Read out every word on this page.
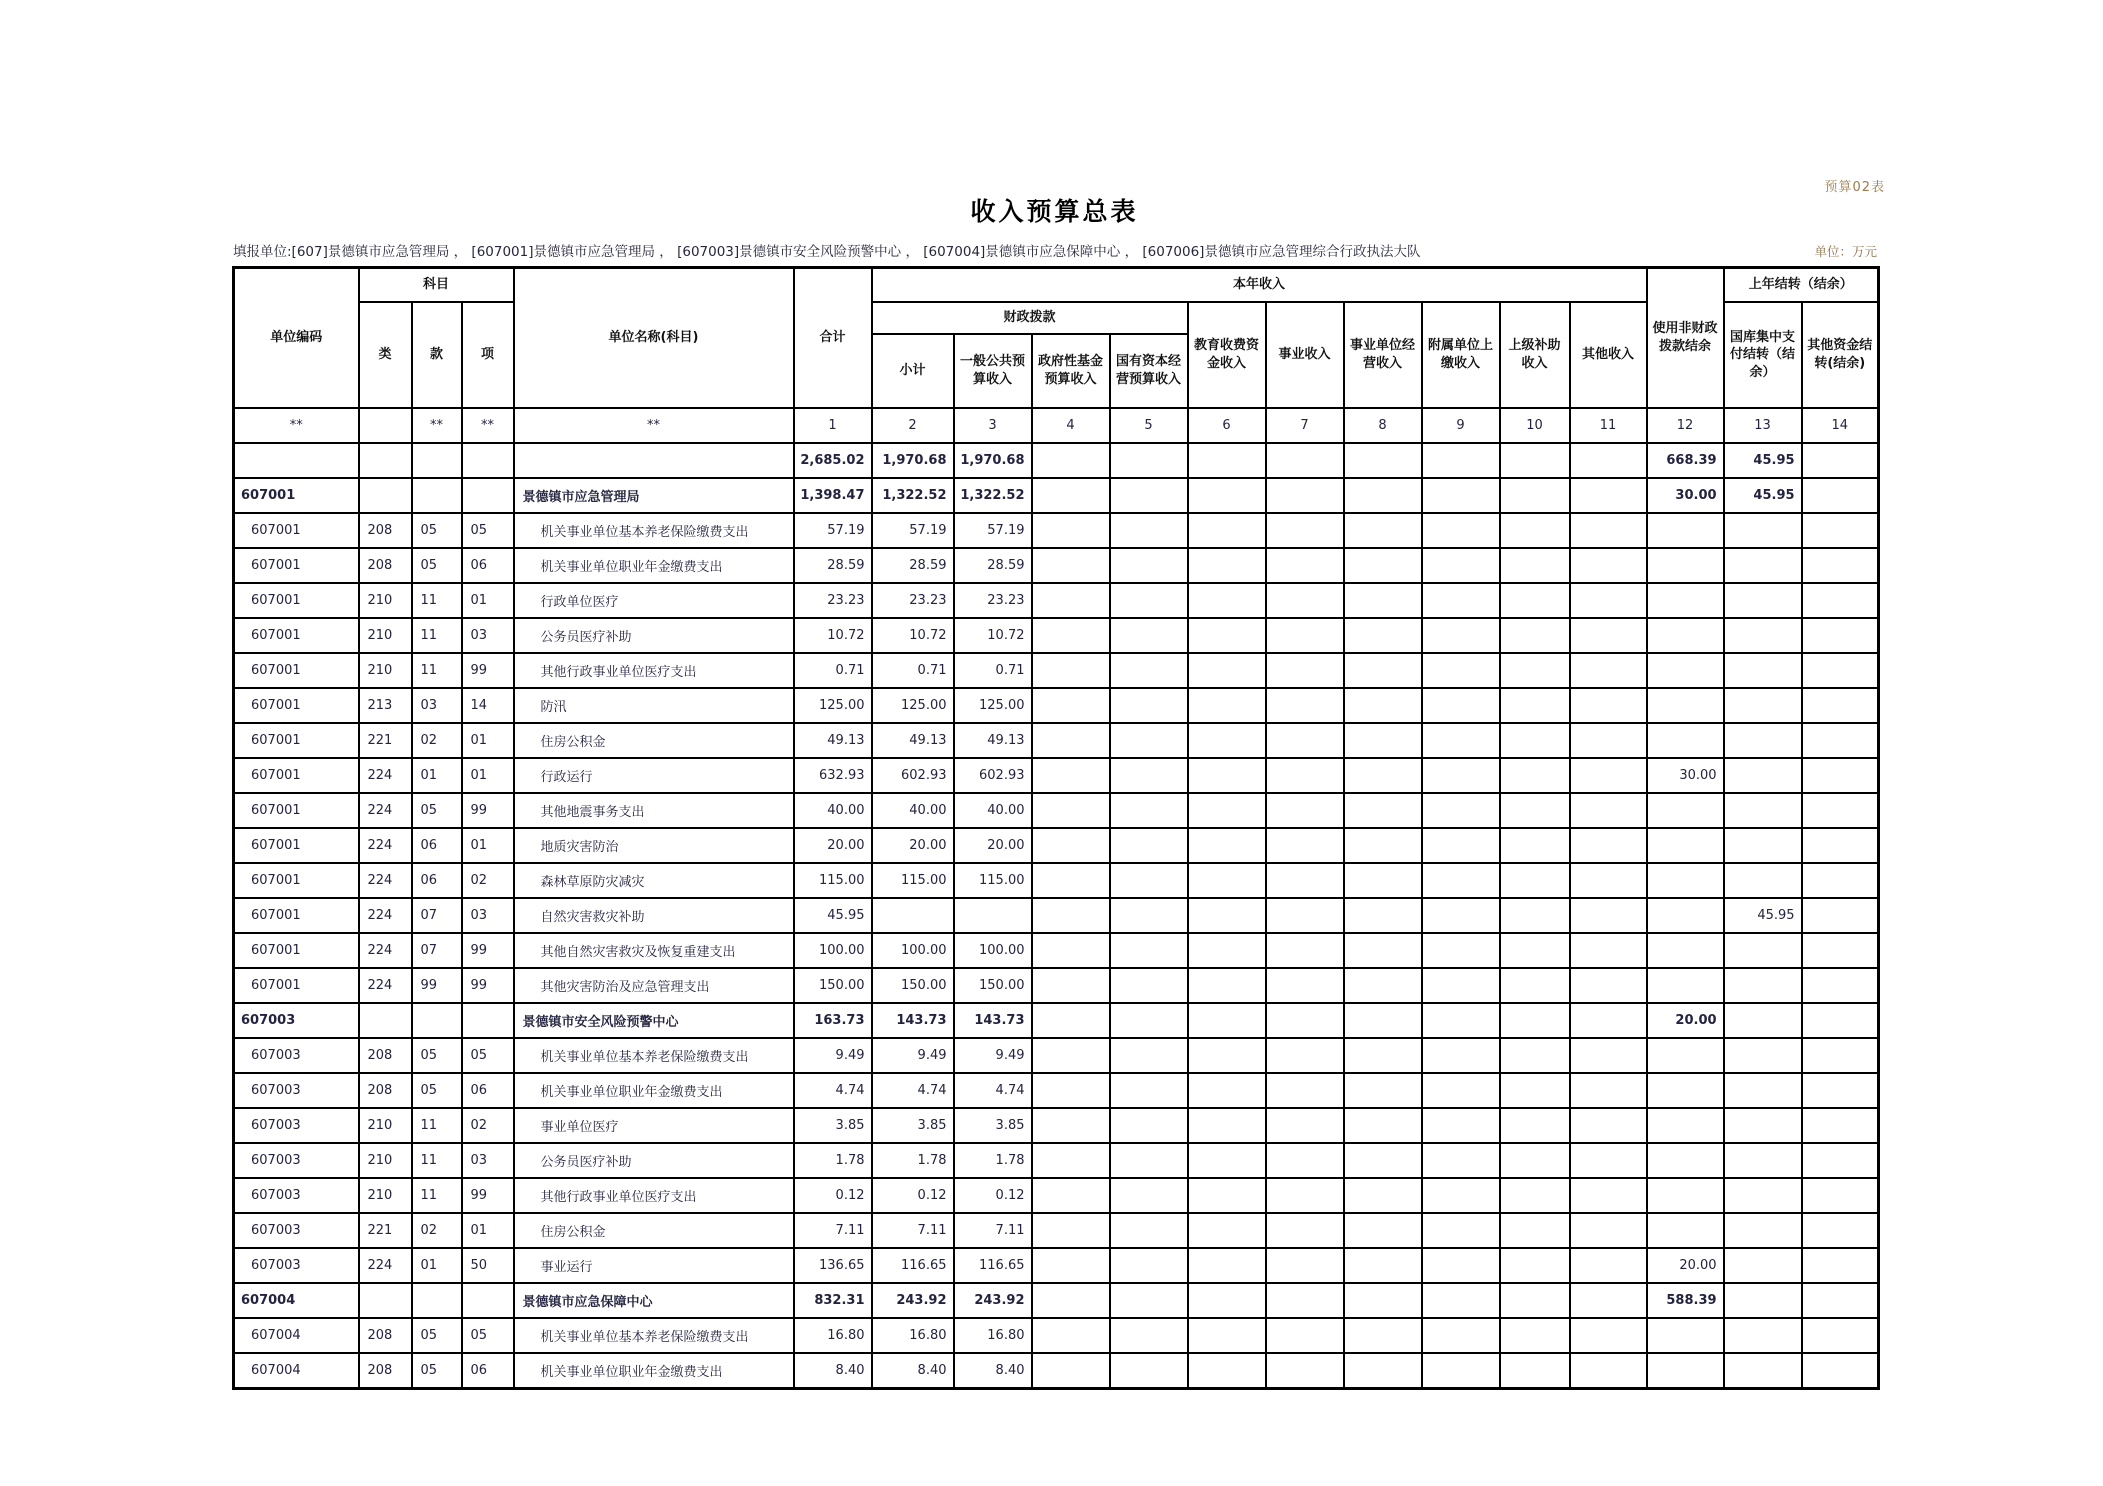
预算02表
收入预算总表
填报单位:[607]景德镇市应急管理局 ， [607001]景德镇市应急管理局 ， [607003]景德镇市安全风险预警中心 ， [607004]景德镇市应急保障中心 ， [607006]景德镇市应急管理综合行政执法大队	单位：万元
单位编码	科目			单位名称(科目)	合计	本年收入										使用非财政拨款结余	上年结转（结余）	
	类	款	项			财政拨款				教育收费资金收入	事业收入	事业单位经营收入	附属单位上缴收入	上级补助收入	其他收入		国库集中支付结转（结余）	其他资金结转(结余)
						小计	一般公共预算收入	政府性基金预算收入	国有资本经营预算收入									
**		**	**	**	1	2	3	4	5	6	7	8	9	10	11	12	13	14
					2,685.02	1,970.68	1,970.68									668.39	45.95	
607001				景德镇市应急管理局	1,398.47	1,322.52	1,322.52									30.00	45.95	
607001	208	05	05	机关事业单位基本养老保险缴费支出	57.19	57.19	57.19											
607001	208	05	06	机关事业单位职业年金缴费支出	28.59	28.59	28.59											
607001	210	11	01	行政单位医疗	23.23	23.23	23.23											
607001	210	11	03	公务员医疗补助	10.72	10.72	10.72											
607001	210	11	99	其他行政事业单位医疗支出	0.71	0.71	0.71											
607001	213	03	14	防汛	125.00	125.00	125.00											
607001	221	02	01	住房公积金	49.13	49.13	49.13											
607001	224	01	01	行政运行	632.93	602.93	602.93									30.00		
607001	224	05	99	其他地震事务支出	40.00	40.00	40.00											
607001	224	06	01	地质灾害防治	20.00	20.00	20.00											
607001	224	06	02	森林草原防灾减灾	115.00	115.00	115.00											
607001	224	07	03	自然灾害救灾补助	45.95												45.95	
607001	224	07	99	其他自然灾害救灾及恢复重建支出	100.00	100.00	100.00											
607001	224	99	99	其他灾害防治及应急管理支出	150.00	150.00	150.00											
607003				景德镇市安全风险预警中心	163.73	143.73	143.73									20.00		
607003	208	05	05	机关事业单位基本养老保险缴费支出	9.49	9.49	9.49											
607003	208	05	06	机关事业单位职业年金缴费支出	4.74	4.74	4.74											
607003	210	11	02	事业单位医疗	3.85	3.85	3.85											
607003	210	11	03	公务员医疗补助	1.78	1.78	1.78											
607003	210	11	99	其他行政事业单位医疗支出	0.12	0.12	0.12											
607003	221	02	01	住房公积金	7.11	7.11	7.11											
607003	224	01	50	事业运行	136.65	116.65	116.65									20.00		
607004				景德镇市应急保障中心	832.31	243.92	243.92									588.39		
607004	208	05	05	机关事业单位基本养老保险缴费支出	16.80	16.80	16.80											
607004	208	05	06	机关事业单位职业年金缴费支出	8.40	8.40	8.40											
